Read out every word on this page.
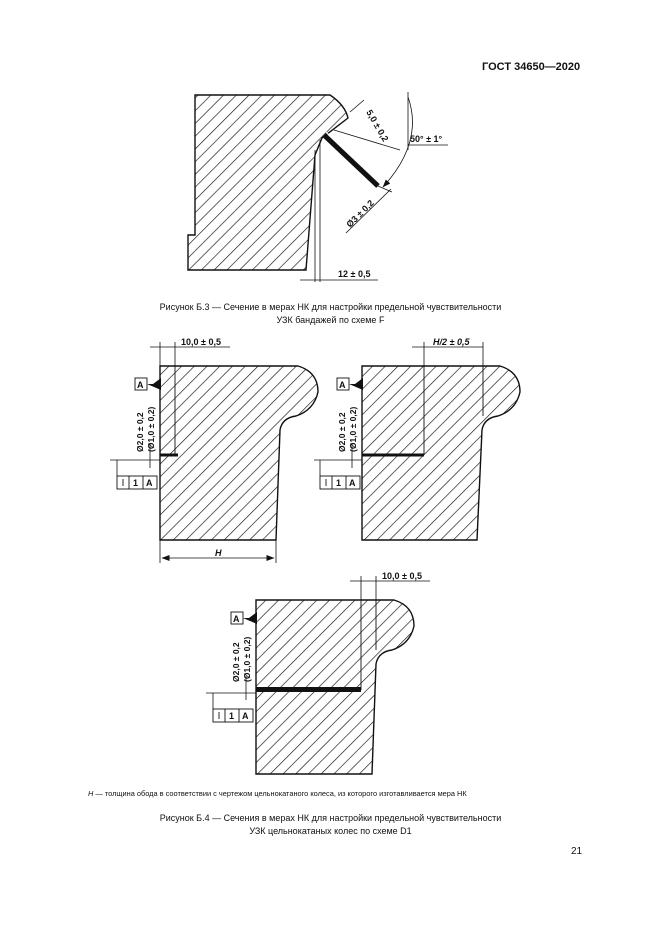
ГОСТ 34650—2020
5,0 ± 0,2 50° ± 1°
Ø3 ± 0,2
12 ± 0,5
10,0 ± 0,5
A
Ø2,0 ± 0,2 (Ø1,0 ± 0,2)
1 A
H
H/2 ± 0,5
A
Ø2,0 ± 0,2 (Ø1,0 ± 0,2)
1 A
10,0 ± 0,5
A
Ø2,0 ± 0,2 (Ø1,0 ± 0,2)
1 A
Рисунок Б.3 — Сечение в мерах НК для настройки предельной чувствительности
УЗК бандажей по схеме F
H — толщина обода в соответствии с чертежом цельнокатаного колеса, из которого изготавливается мера НК
Рисунок Б.4 — Сечения в мерах НК для настройки предельной чувствительности
УЗК цельнокатаных колес по схеме D1
21
